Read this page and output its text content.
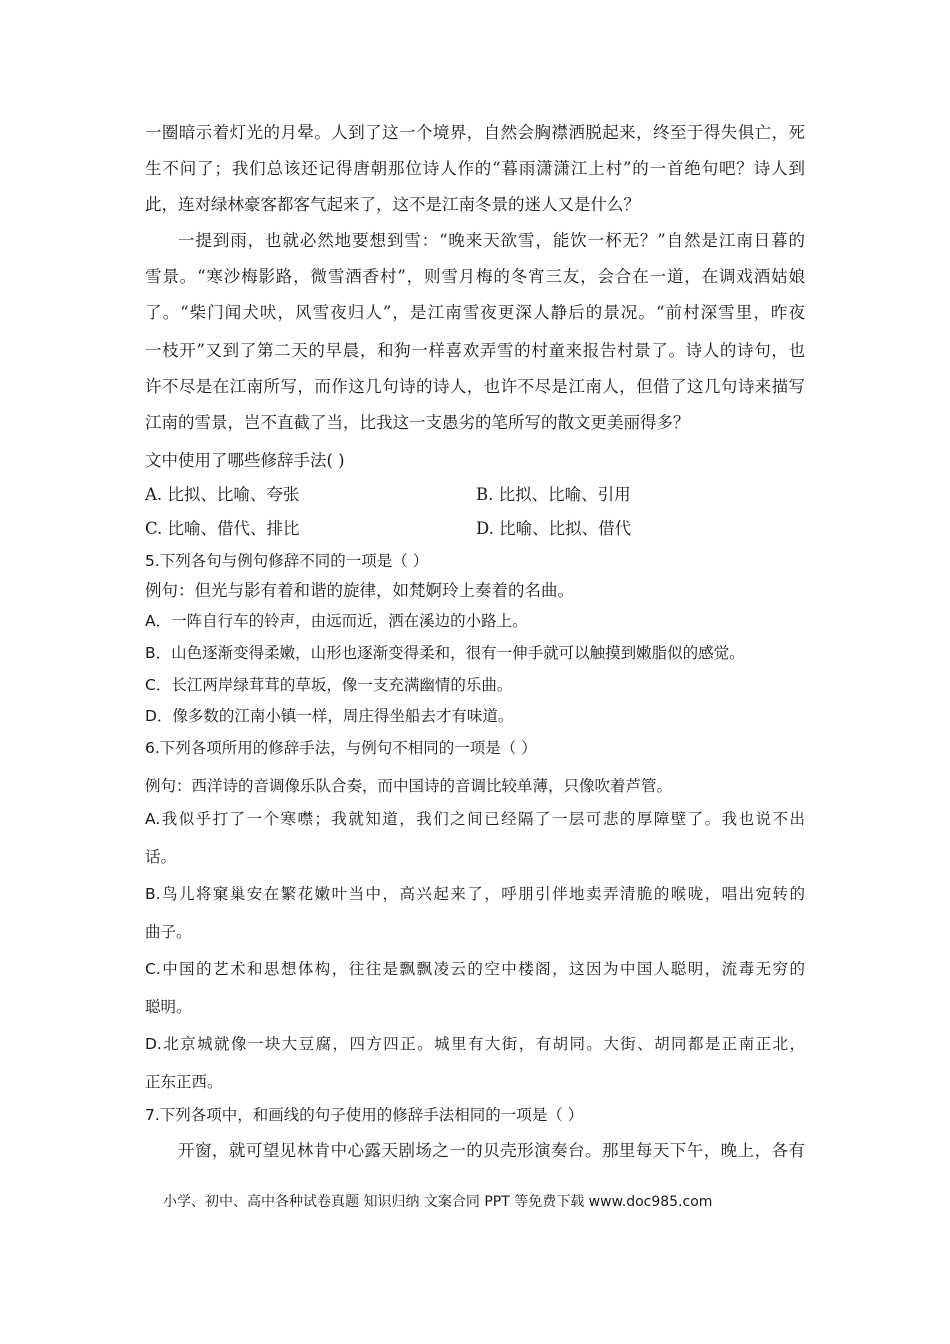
一圈暗示着灯光的月晕。人到了这一个境界，自然会胸襟洒脱起来，终至于得失俱亡，死
生不问了；我们总该还记得唐朝那位诗人作的“暮雨潇潇江上村”的一首绝句吧？诗人到
此，连对绿林豪客都客气起来了，这不是江南冬景的迷人又是什么？
一提到雨，也就必然地要想到雪：“晚来天欲雪，能饮一杯无？”自然是江南日暮的
雪景。“寒沙梅影路，微雪酒香村”，则雪月梅的冬宵三友，会合在一道，在调戏酒姑娘
了。“柴门闻犬吠，风雪夜归人”，是江南雪夜更深人静后的景况。“前村深雪里，昨夜
一枝开”又到了第二天的早晨，和狗一样喜欢弄雪的村童来报告村景了。诗人的诗句，也
许不尽是在江南所写，而作这几句诗的诗人，也许不尽是江南人，但借了这几句诗来描写
江南的雪景，岂不直截了当，比我这一支愚劣的笔所写的散文更美丽得多？
文中使用了哪些修辞手法( )
A. 比拟、比喻、夸张	B. 比拟、比喻、引用
C. 比喻、借代、排比	D. 比喻、比拟、借代
5.下列各句与例句修辞不同的一项是（ ）
例句：但光与影有着和谐的旋律，如梵婀玲上奏着的名曲。
A．一阵自行车的铃声，由远而近，洒在溪边的小路上。
B．山色逐渐变得柔嫩，山形也逐渐变得柔和，很有一伸手就可以触摸到嫩脂似的感觉。
C．长江两岸绿茸茸的草坂，像一支充满幽情的乐曲。
D．像多数的江南小镇一样，周庄得坐船去才有味道。
6.下列各项所用的修辞手法，与例句不相同的一项是（ ）
例句：西洋诗的音调像乐队合奏，而中国诗的音调比较单薄，只像吹着芦管。
A.我似乎打了一个寒噤；我就知道，我们之间已经隔了一层可悲的厚障壁了。我也说不出
话。
B.鸟儿将窠巢安在繁花嫩叶当中，高兴起来了，呼朋引伴地卖弄清脆的喉咙，唱出宛转的
曲子。
C.中国的艺术和思想体构，往往是飘飘凌云的空中楼阁，这因为中国人聪明，流毒无穷的
聪明。
D.北京城就像一块大豆腐，四方四正。城里有大街，有胡同。大街、胡同都是正南正北，
正东正西。
7.下列各项中，和画线的句子使用的修辞手法相同的一项是（ ）
开窗，就可望见林肯中心露天剧场之一的贝壳形演奏台。那里每天下午，晚上，各有
小学、初中、高中各种试卷真题 知识归纳 文案合同 PPT 等免费下载 www.doc985.com
